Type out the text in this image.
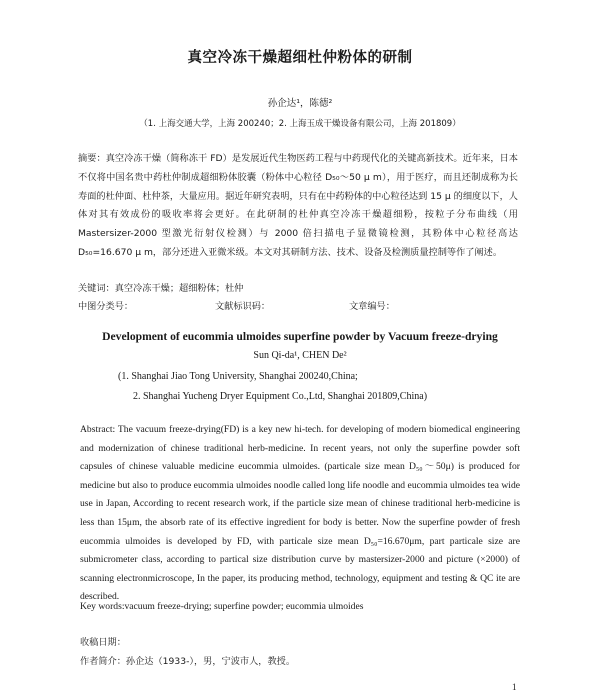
真空冷冻干燥超细杜仲粉体的研制
孙企达¹，陈德²
（1. 上海交通大学，上海 200240；2. 上海玉成干燥设备有限公司，上海 201809）
摘要：真空冷冻干燥（简称冻干 FD）是发展近代生物医药工程与中药现代化的关键高新技术。近年来，日本不仅将中国名贵中药杜仲制成超细粉体胶囊（粉体中心粒径 D₅₀～50 μ m），用于医疗，而且还制成称为长寿面的杜仲面、杜仲茶，大量应用。据近年研究表明，只有在中药粉体的中心粒径达到 15 μ 的细度以下，人体对其有效成份的吸收率将会更好。在此研制的杜仲真空冷冻干燥超细粉，按粒子分布曲线（用 Mastersizer-2000 型激光衍射仪检测）与 2000 倍扫描电子显微镜检测，其粉体中心粒径高达 D₅₀=16.670 μ m，部分还进入亚微米级。本文对其研制方法、技术、设备及检测质量控制等作了阐述。
关键词：真空冷冻干燥；超细粉体；杜仲
中图分类号：	文献标识码：	文章编号：
Development of eucommia ulmoides superfine powder by Vacuum freeze-drying
Sun Qi-da¹, CHEN De²
(1. Shanghai Jiao Tong University, Shanghai 200240,China;
2. Shanghai Yucheng Dryer Equipment Co.,Ltd, Shanghai 201809,China)
Abstract: The vacuum freeze-drying(FD) is a key new hi-tech. for developing of modern biomedical engineering and modernization of chinese traditional herb-medicine. In recent years, not only the superfine powder soft capsules of chinese valuable medicine eucommia ulmoides. (particale size mean D₅₀～50μ) is produced for medicine but also to produce eucommia ulmoides noodle called long life noodle and eucommia ulmoides tea wide use in Japan, According to recent research work, if the particle size mean of chinese traditional herb-medicine is less than 15μm, the absorb rate of its effective ingredient for body is better. Now the superfine powder of fresh eucommia ulmoides is developed by FD, with particale size mean D₅₀=16.670μm, part particale size are submicrometer class, according to partical size distribution curve by mastersizer-2000 and picture (×2000) of scanning electronmicroscope, In the paper, its producing method, technology, equipment and testing & QC ite are described.
Key words:vacuum freeze-drying; superfine powder; eucommia ulmoides
收稿日期：
作者简介：孙企达（1933-），男，宁波市人，教授。
1
